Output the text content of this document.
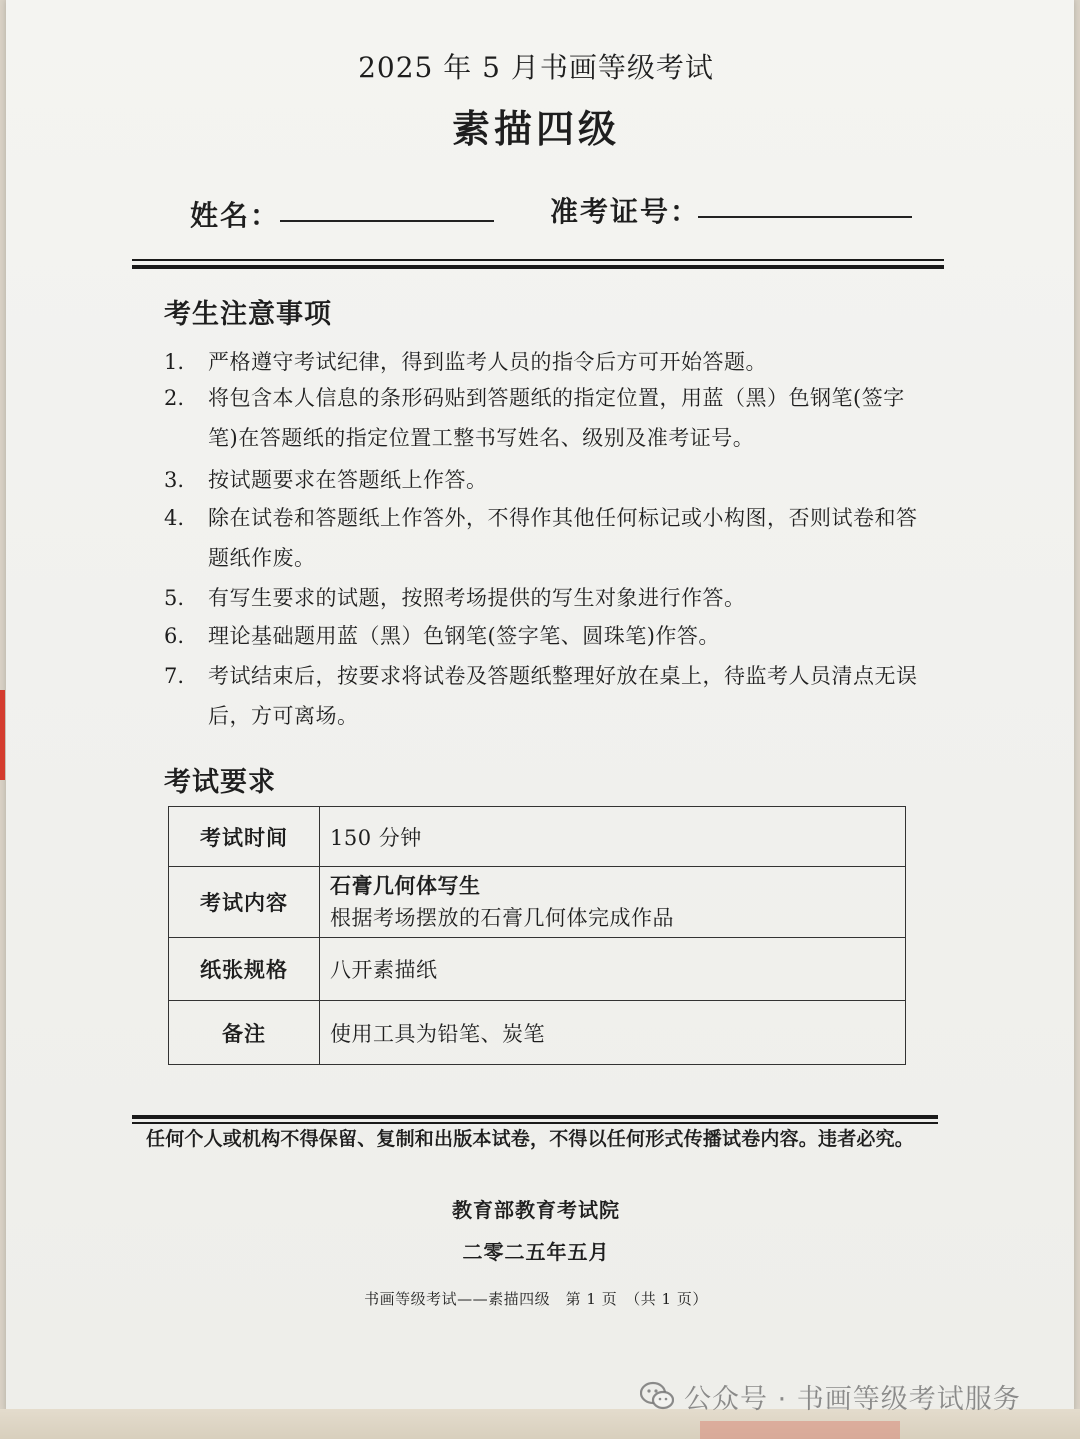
2025 年 5 月书画等级考试
素描四级
姓名：	准考证号：
考生注意事项
1.	严格遵守考试纪律，得到监考人员的指令后方可开始答题。
2.	将包含本人信息的条形码贴到答题纸的指定位置，用蓝（黑）色钢笔(签字笔)在答题纸的指定位置工整书写姓名、级别及准考证号。
3.	按试题要求在答题纸上作答。
4.	除在试卷和答题纸上作答外，不得作其他任何标记或小构图，否则试卷和答题纸作废。
5.	有写生要求的试题，按照考场提供的写生对象进行作答。
6.	理论基础题用蓝（黑）色钢笔(签字笔、圆珠笔)作答。
7.	考试结束后，按要求将试卷及答题纸整理好放在桌上，待监考人员清点无误后，方可离场。
考试要求
考试时间	150 分钟
考试内容	石膏几何体写生
根据考场摆放的石膏几何体完成作品

纸张规格	八开素描纸
备注	使用工具为铅笔、炭笔
任何个人或机构不得保留、复制和出版本试卷，不得以任何形式传播试卷内容。违者必究。
教育部教育考试院
二零二五年五月
书画等级考试——素描四级　第 1 页　（共 1 页）
公众号 · 书画等级考试服务
